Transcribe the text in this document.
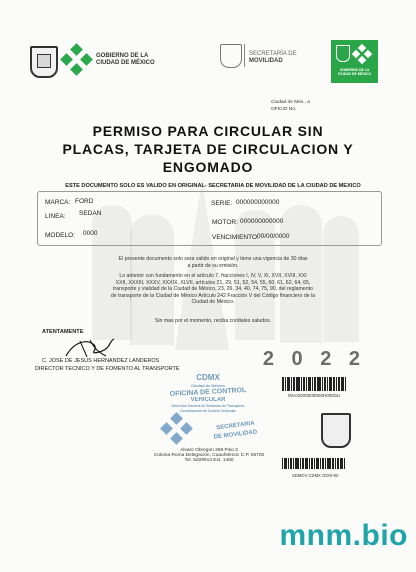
GOBIERNO DE LA
CIUDAD DE MÉXICO
SECRETARÍA DE
MOVILIDAD
GOBIERNO DE LA
CIUDAD DE MÉXICO
Ciudad de Mex., a
OFICIO No.
PERMISO PARA CIRCULAR SIN
PLACAS, TARJETA DE CIRCULACION Y
ENGOMADO
ESTE DOCUMENTO SOLO ES VALIDO EN ORIGINAL- SECRETARIA DE MOVILIDAD DE LA CIUDAD DE MEXICO
MARCA: FORD
LINEA: SEDAN
MODELO: 0000
SERIE: 000000000000
MOTOR: 000000000000
VENCIMIENTO:
00/00/0000
El presente documento solo sera valido en original y tiene una vigencia de 30 dias
a partir de su emisión.
Lo anterior con fundamento en el artículo 7, fracciones I, IV, V, XI, XVII, XVIII, XXI
XXII, XXXIII, XXXV, XXXIX, XLVII, artículos 21, 29, 51, 52, 54, 55, 60, 61, 62, 64, 65,
transporte y vialidad de la Ciudad de México, 23, 26, 34, 40, 74, 75, 90, del reglamento
de transporte de la Ciudad de México Artículo 242 Fracción V del Código financiero de la
Ciudad de México.
Sin mas por el momento, reciba cordiales saludos.
ATENTAMENTE
C. JOSE DE JESUS HERNANDEZ LANDEROS
DIRECTOR TECNICO Y DE FOMENTO AL TRANSPORTE	2 0 2 2
00AXD00000000H0000LI
CDMX
Ciudad de México
OFICINA DE CONTROL
VEHICULAR
Dirección General de Sistemas de Transporte
Coordinación de Control Vehicular
SECRETARIA
DE MOVILIDAD
Alvaro Obregon 269 Piso 3
Colonia Roma Delegación, Cuauhtémoc C.P. 06700
Tel. 5209913 Ext. 1460
SDMOV CDMX OO0I-WI
mnm.bio
